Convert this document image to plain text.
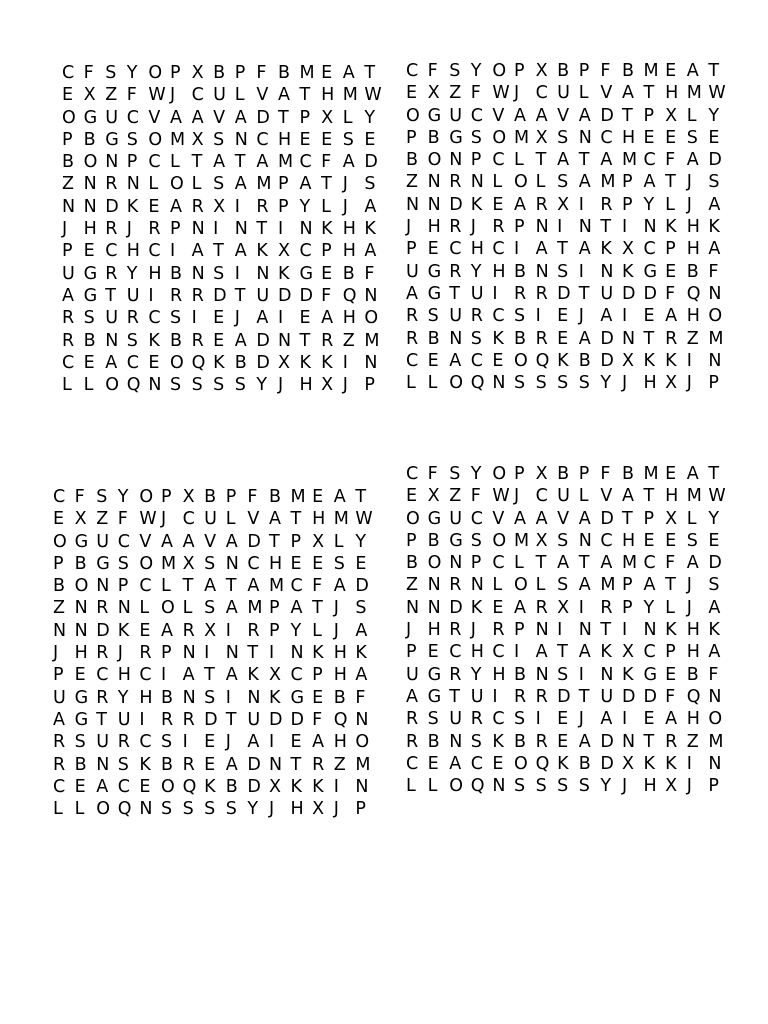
C F S Y O P X B P F B M E A T
E X Z F W J C U L V A T H M W
O G U C V A A V A D T P X L Y
P B G S O M X S N C H E E S E
B O N P C L T A T A M C F A D
Z N R N L O L S A M P A T J S
N N D K E A R X I R P Y L J A
J H R J R P N I N T I N K H K
P E C H C I A T A K X C P H A
U G R Y H B N S I N K G E B F
A G T U I R R D T U D D F Q N
R S U R C S I E J A I E A H O
R B N S K B R E A D N T R Z M
C E A C E O Q K B D X K K I N
L L O Q N S S S S Y J H X J P
C F S Y O P X B P F B M E A T
E X Z F W J C U L V A T H M W
O G U C V A A V A D T P X L Y
P B G S O M X S N C H E E S E
B O N P C L T A T A M C F A D
Z N R N L O L S A M P A T J S
N N D K E A R X I R P Y L J A
J H R J R P N I N T I N K H K
P E C H C I A T A K X C P H A
U G R Y H B N S I N K G E B F
A G T U I R R D T U D D F Q N
R S U R C S I E J A I E A H O
R B N S K B R E A D N T R Z M
C E A C E O Q K B D X K K I N
L L O Q N S S S S Y J H X J P
C F S Y O P X B P F B M E A T
E X Z F W J C U L V A T H M W
O G U C V A A V A D T P X L Y
P B G S O M X S N C H E E S E
B O N P C L T A T A M C F A D
Z N R N L O L S A M P A T J S
N N D K E A R X I R P Y L J A
J H R J R P N I N T I N K H K
P E C H C I A T A K X C P H A
U G R Y H B N S I N K G E B F
A G T U I R R D T U D D F Q N
R S U R C S I E J A I E A H O
R B N S K B R E A D N T R Z M
C E A C E O Q K B D X K K I N
L L O Q N S S S S Y J H X J P
C F S Y O P X B P F B M E A T
E X Z F W J C U L V A T H M W
O G U C V A A V A D T P X L Y
P B G S O M X S N C H E E S E
B O N P C L T A T A M C F A D
Z N R N L O L S A M P A T J S
N N D K E A R X I R P Y L J A
J H R J R P N I N T I N K H K
P E C H C I A T A K X C P H A
U G R Y H B N S I N K G E B F
A G T U I R R D T U D D F Q N
R S U R C S I E J A I E A H O
R B N S K B R E A D N T R Z M
C E A C E O Q K B D X K K I N
L L O Q N S S S S Y J H X J P
